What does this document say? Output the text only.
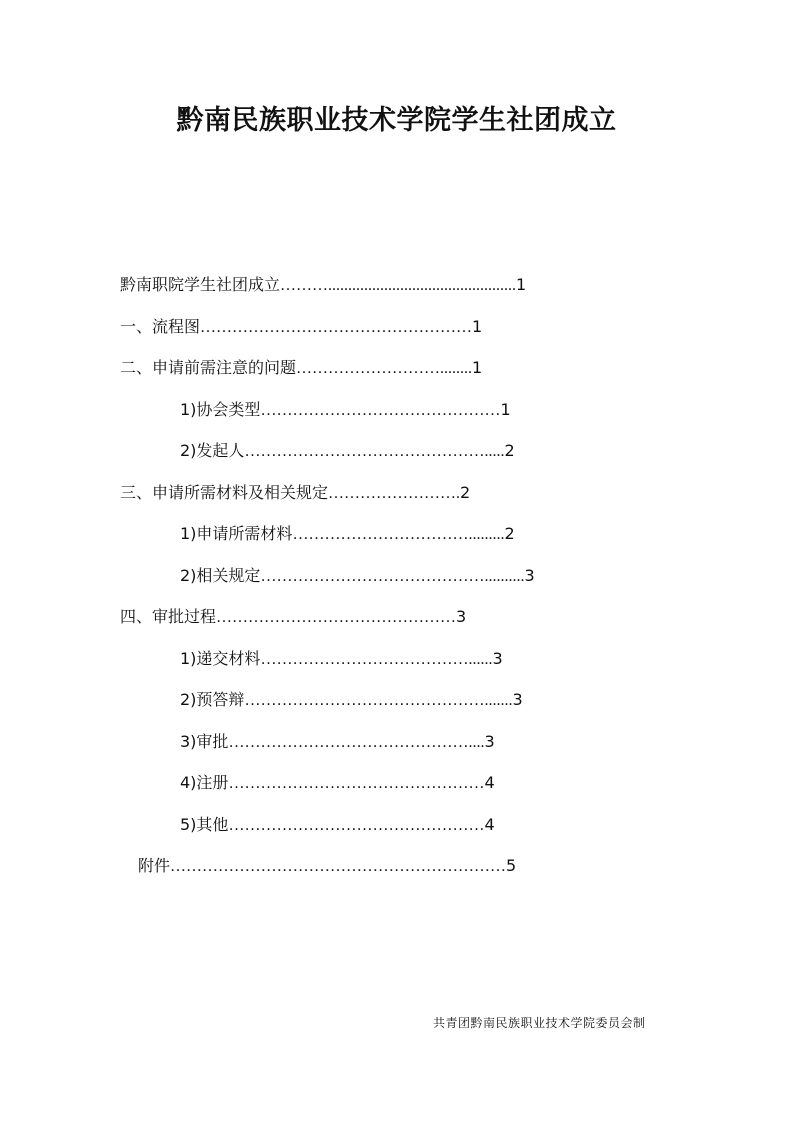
黔南民族职业技术学院学生社团成立
黔南职院学生社团成立………...............................................1
一、流程图……………………………………………1
二、申请前需注意的问题………………………........1
1)协会类型………………………………………1
2)发起人……………………………………….....2
三、申请所需材料及相关规定…………………….2
1)申请所需材料…………………………….........2
2)相关规定……………………………………..........3
四、审批过程………………………………………3
1)递交材料…………………………………......3
2)预答辩……………………………………….......3
3)审批………………………………………....3
4)注册…………………………………………4
5)其他…………………………………………4
附件………………………………………………………5
共青团黔南民族职业技术学院委员会制
